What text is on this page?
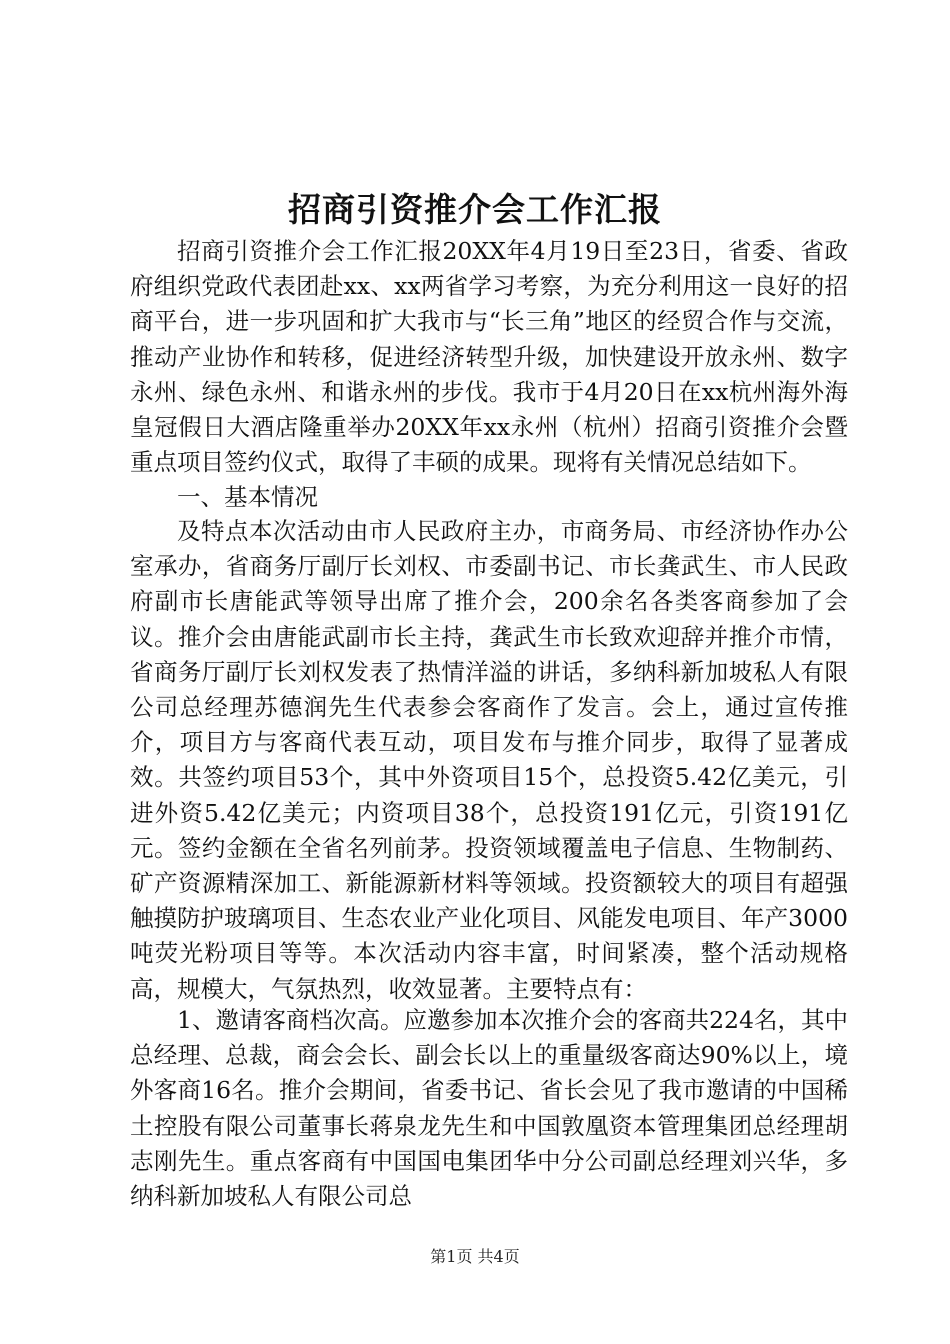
招商引资推介会工作汇报

招商引资推介会工作汇报20XX年4月19日至23日，省委、省政府组织党政代表团赴xx、xx两省学习考察，为充分利用这一良好的招商平台，进一步巩固和扩大我市与“长三角”地区的经贸合作与交流，推动产业协作和转移，促进经济转型升级，加快建设开放永州、数字永州、绿色永州、和谐永州的步伐。我市于4月20日在xx杭州海外海皇冠假日大酒店隆重举办20XX年xx永州（杭州）招商引资推介会暨重点项目签约仪式，取得了丰硕的成果。现将有关情况总结如下。

一、基本情况

及特点本次活动由市人民政府主办，市商务局、市经济协作办公室承办，省商务厅副厅长刘权、市委副书记、市长龚武生、市人民政府副市长唐能武等领导出席了推介会，200余名各类客商参加了会议。推介会由唐能武副市长主持，龚武生市长致欢迎辞并推介市情，省商务厅副厅长刘权发表了热情洋溢的讲话，多纳科新加坡私人有限公司总经理苏德润先生代表参会客商作了发言。会上，通过宣传推介，项目方与客商代表互动，项目发布与推介同步，取得了显著成效。共签约项目53个，其中外资项目15个，总投资5.42亿美元，引进外资5.42亿美元；内资项目38个，总投资191亿元，引资191亿元。签约金额在全省名列前茅。投资领域覆盖电子信息、生物制药、矿产资源精深加工、新能源新材料等领域。投资额较大的项目有超强触摸防护玻璃项目、生态农业产业化项目、风能发电项目、年产3000吨荧光粉项目等等。本次活动内容丰富，时间紧凑，整个活动规格高，规模大，气氛热烈，收效显著。主要特点有：

1、邀请客商档次高。应邀参加本次推介会的客商共224名，其中总经理、总裁，商会会长、副会长以上的重量级客商达90%以上，境外客商16名。推介会期间，省委书记、省长会见了我市邀请的中国稀土控股有限公司董事长蒋泉龙先生和中国敦凰资本管理集团总经理胡志刚先生。重点客商有中国国电集团华中分公司副总经理刘兴华，多纳科新加坡私人有限公司总

第1页 共4页
